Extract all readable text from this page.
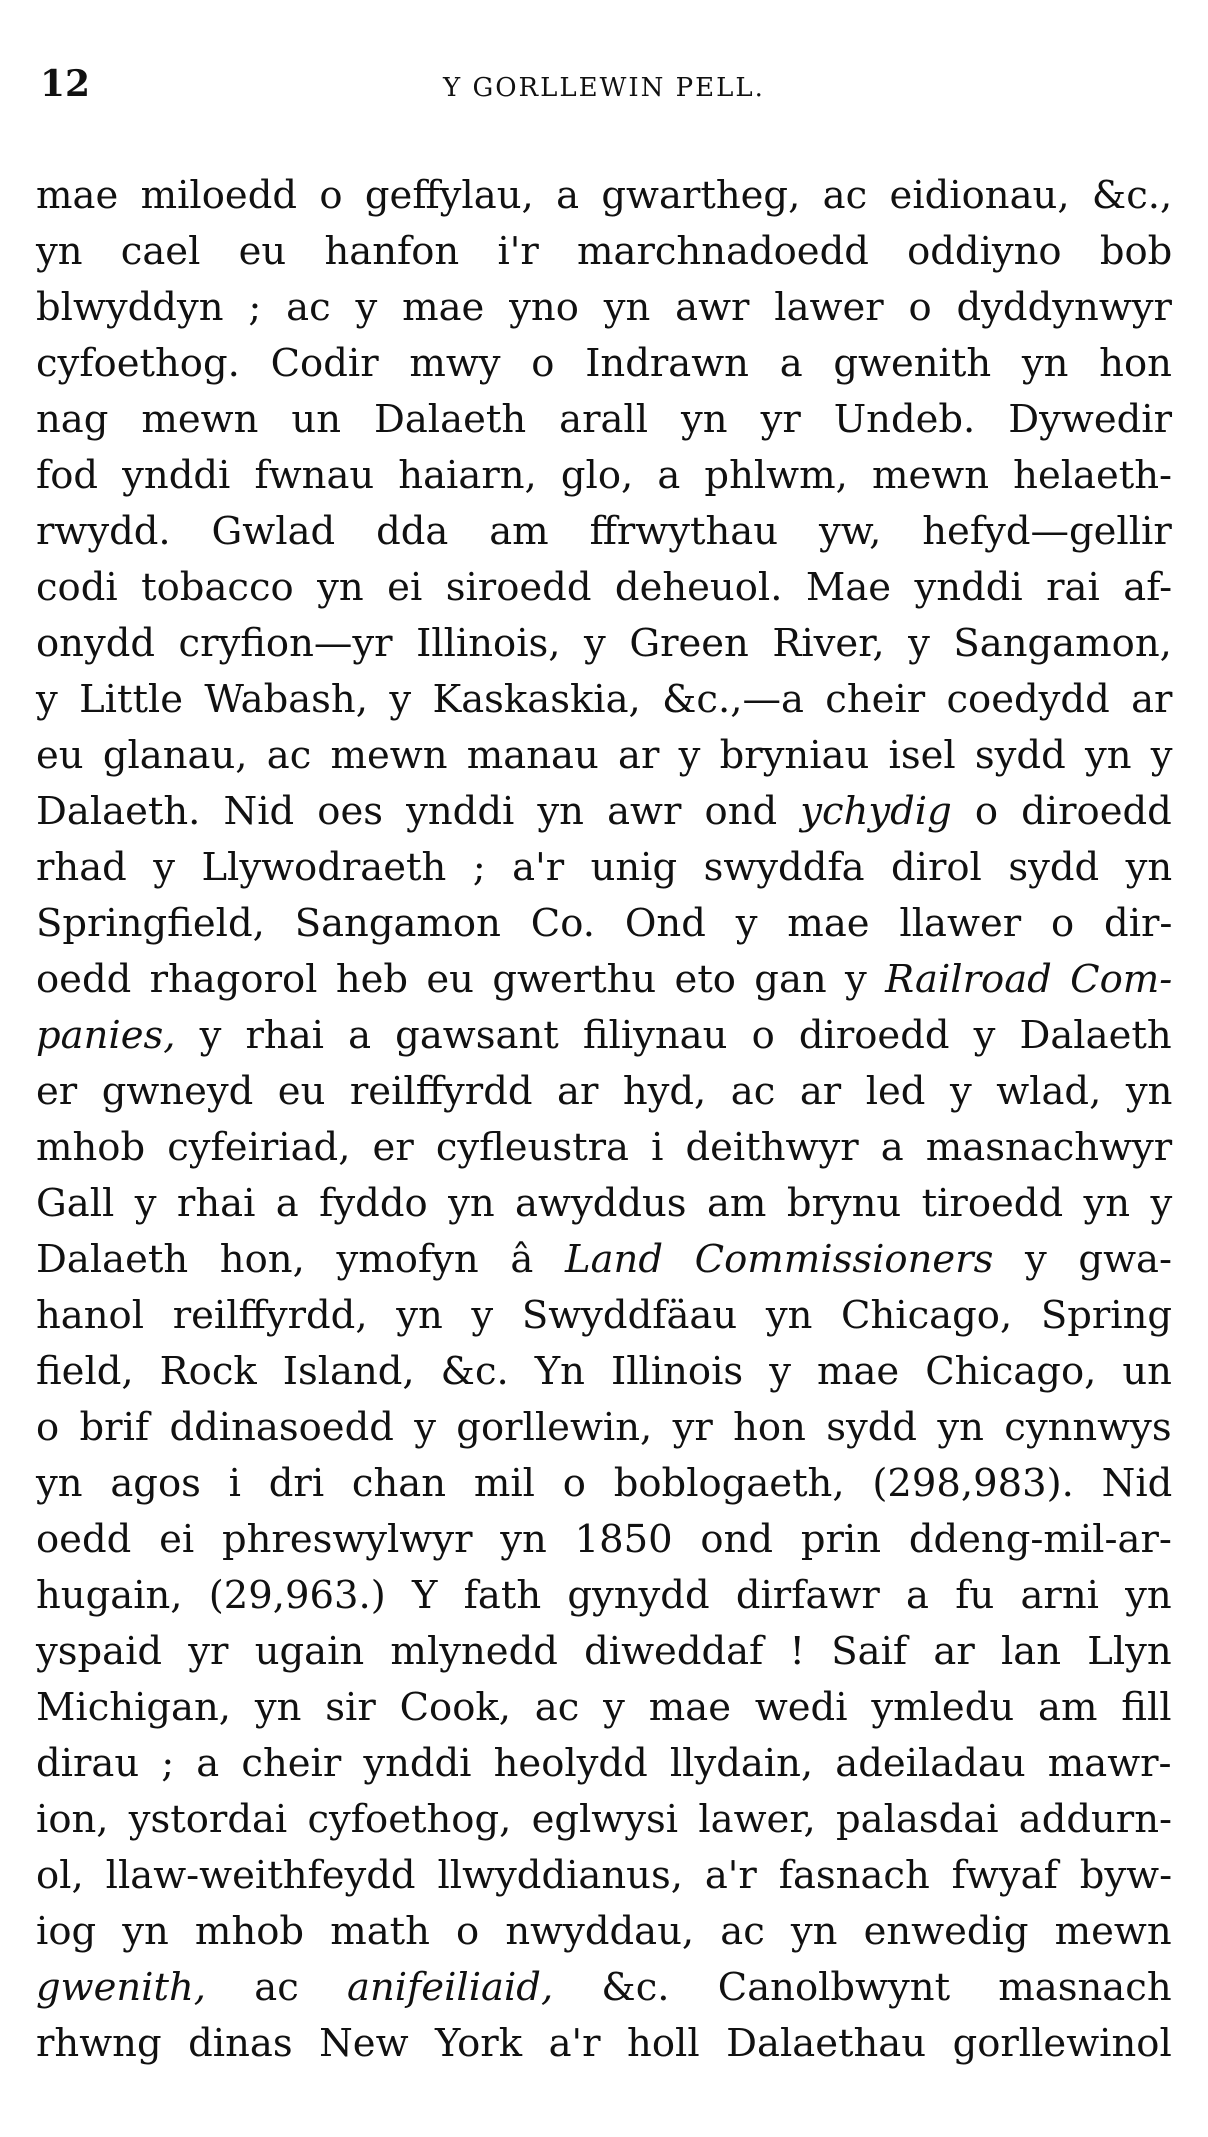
12	Y GORLLEWIN PELL.
mae miloedd o geffylau, a gwartheg, ac eidionau, &c.,
yn cael eu hanfon i'r marchnadoedd oddiyno bob
blwyddyn ; ac y mae yno yn awr lawer o dyddynwyr
cyfoethog. Codir mwy o Indrawn a gwenith yn hon
nag mewn un Dalaeth arall yn yr Undeb. Dywedir
fod ynddi fwnau haiarn, glo, a phlwm, mewn helaeth-
rwydd. Gwlad dda am ffrwythau yw, hefyd—gellir
codi tobacco yn ei siroedd deheuol. Mae ynddi rai af-
onydd cryfion—yr Illinois, y Green River, y Sangamon,
y Little Wabash, y Kaskaskia, &c.,—a cheir coedydd ar
eu glanau, ac mewn manau ar y bryniau isel sydd yn y
Dalaeth. Nid oes ynddi yn awr ond ychydig o diroedd
rhad y Llywodraeth ; a'r unig swyddfa dirol sydd yn
Springfield, Sangamon Co. Ond y mae llawer o dir-
oedd rhagorol heb eu gwerthu eto gan y Railroad Com-
panies, y rhai a gawsant filiynau o diroedd y Dalaeth
er gwneyd eu reilffyrdd ar hyd, ac ar led y wlad, yn
mhob cyfeiriad, er cyfleustra i deithwyr a masnachwyr
Gall y rhai a fyddo yn awyddus am brynu tiroedd yn y
Dalaeth hon, ymofyn â Land Commissioners y gwa-
hanol reilffyrdd, yn y Swyddfäau yn Chicago, Spring
field, Rock Island, &c. Yn Illinois y mae Chicago, un
o brif ddinasoedd y gorllewin, yr hon sydd yn cynnwys
yn agos i dri chan mil o boblogaeth, (298,983). Nid
oedd ei phreswylwyr yn 1850 ond prin ddeng-mil-ar-
hugain, (29,963.) Y fath gynydd dirfawr a fu arni yn
yspaid yr ugain mlynedd diweddaf ! Saif ar lan Llyn
Michigan, yn sir Cook, ac y mae wedi ymledu am fill
dirau ; a cheir ynddi heolydd llydain, adeiladau mawr-
ion, ystordai cyfoethog, eglwysi lawer, palasdai addurn-
ol, llaw-weithfeydd llwyddianus, a'r fasnach fwyaf byw-
iog yn mhob math o nwyddau, ac yn enwedig mewn
gwenith, ac anifeiliaid, &c. Canolbwynt masnach
rhwng dinas New York a'r holl Dalaethau gorllewinol
